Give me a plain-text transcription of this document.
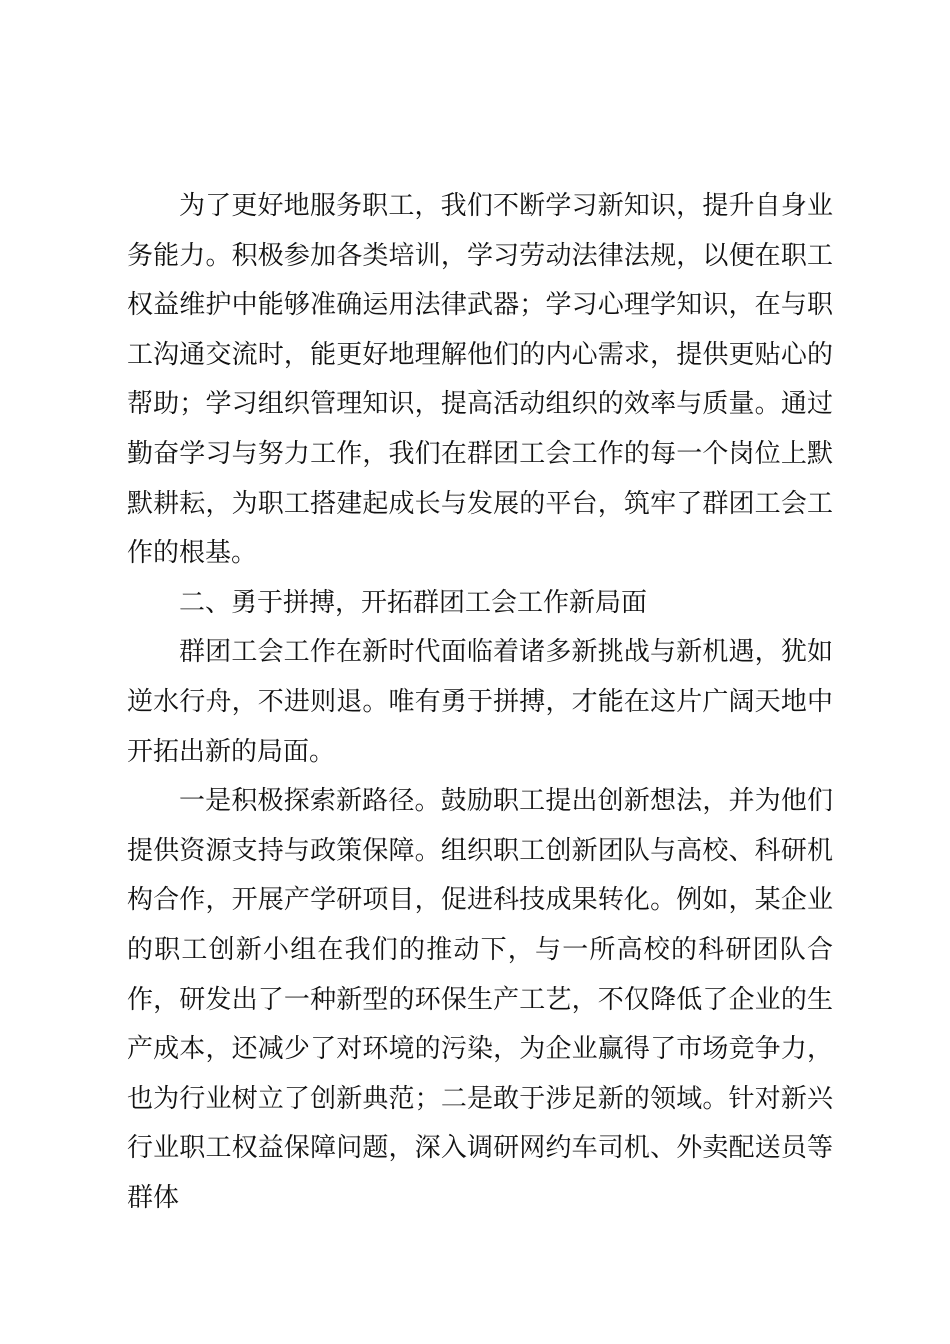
为了更好地服务职工，我们不断学习新知识，提升自身业务能力。积极参加各类培训，学习劳动法律法规，以便在职工权益维护中能够准确运用法律武器；学习心理学知识，在与职工沟通交流时，能更好地理解他们的内心需求，提供更贴心的帮助；学习组织管理知识，提高活动组织的效率与质量。通过勤奋学习与努力工作，我们在群团工会工作的每一个岗位上默默耕耘，为职工搭建起成长与发展的平台，筑牢了群团工会工作的根基。

二、勇于拼搏，开拓群团工会工作新局面

群团工会工作在新时代面临着诸多新挑战与新机遇，犹如逆水行舟，不进则退。唯有勇于拼搏，才能在这片广阔天地中开拓出新的局面。

一是积极探索新路径。鼓励职工提出创新想法，并为他们提供资源支持与政策保障。组织职工创新团队与高校、科研机构合作，开展产学研项目，促进科技成果转化。例如，某企业的职工创新小组在我们的推动下，与一所高校的科研团队合作，研发出了一种新型的环保生产工艺，不仅降低了企业的生产成本，还减少了对环境的污染，为企业赢得了市场竞争力，也为行业树立了创新典范；二是敢于涉足新的领域。针对新兴行业职工权益保障问题，深入调研网约车司机、外卖配送员等群体
